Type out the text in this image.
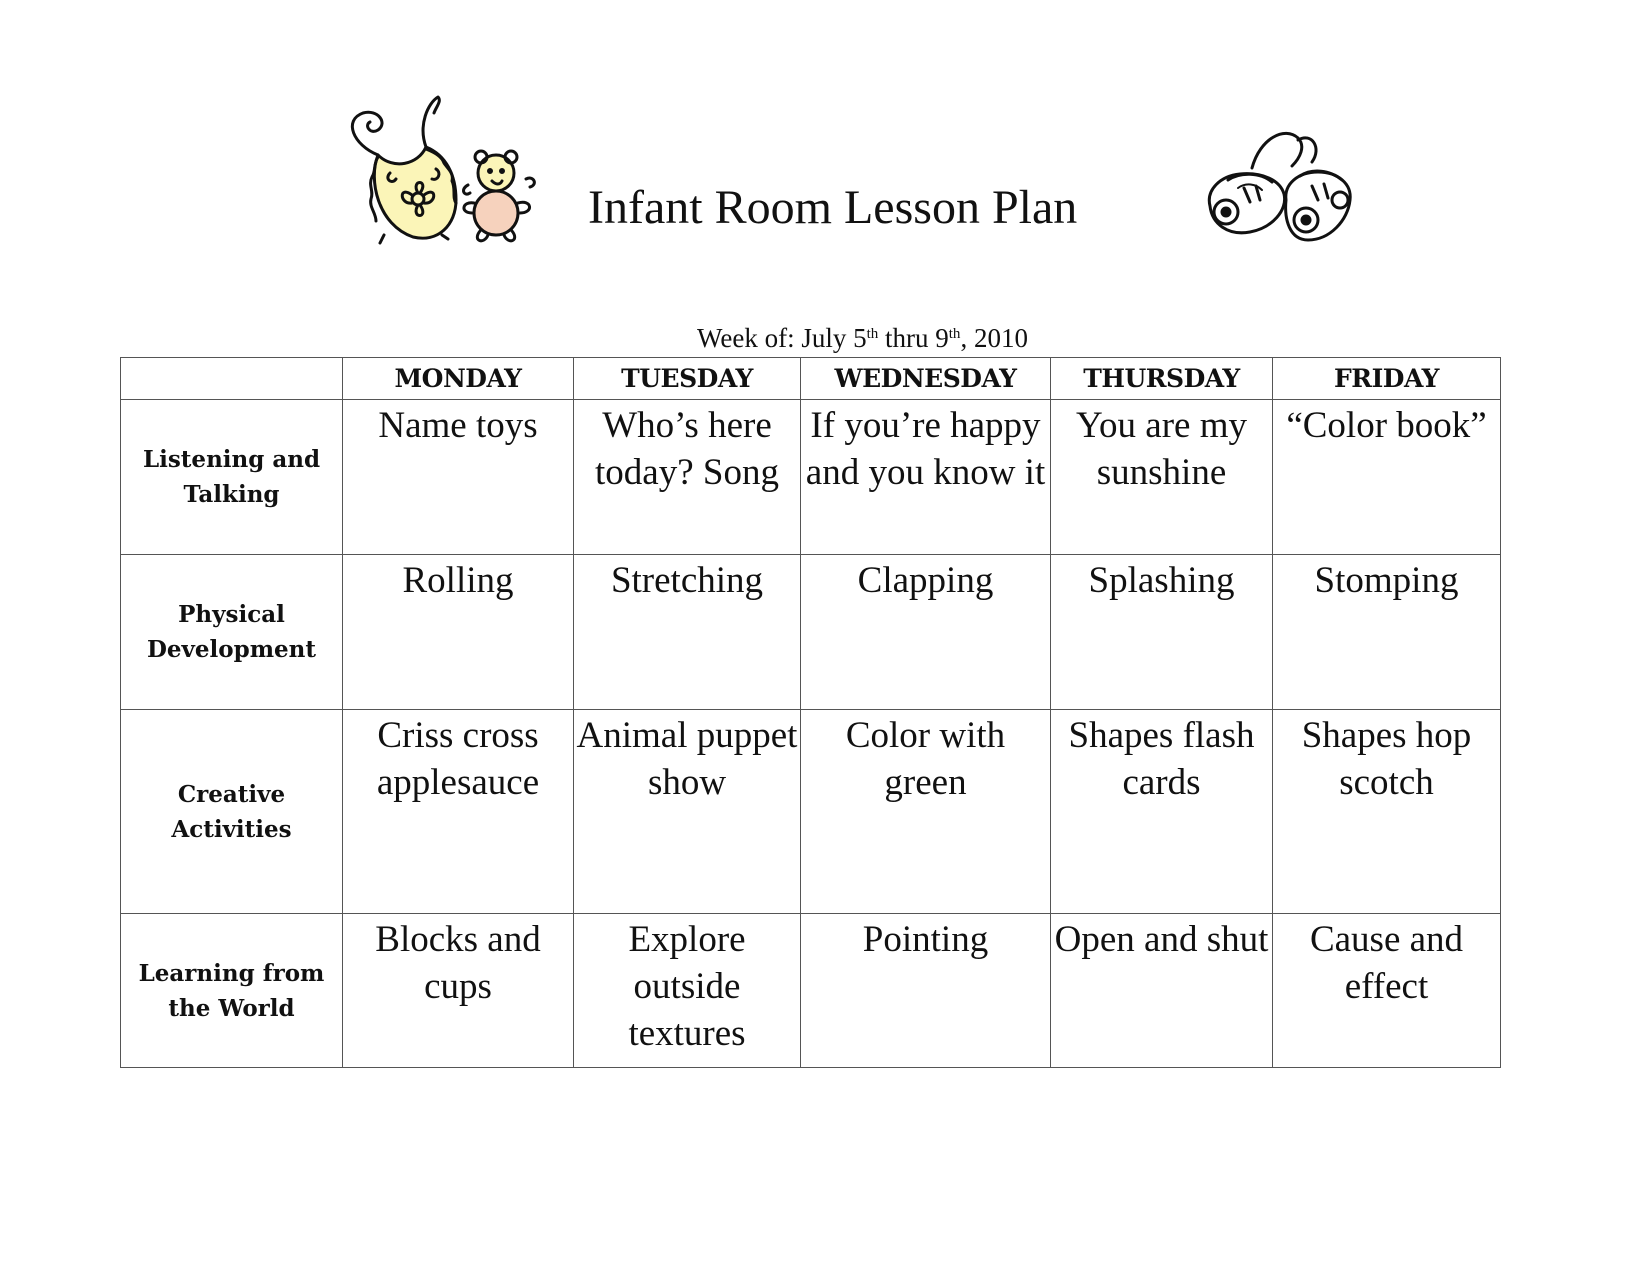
Infant Room Lesson Plan
Week of: July 5th thru 9th, 2010
	MONDAY	TUESDAY	WEDNESDAY	THURSDAY	FRIDAY
Listening and Talking	Name toys	Who’s here today? Song	If you’re happy and you know it	You are my sunshine	“Color book”
Physical Development	Rolling	Stretching	Clapping	Splashing	Stomping
Creative Activities	Criss cross applesauce	Animal puppet show	Color with green	Shapes flash cards	Shapes hop scotch
Learning from the World	Blocks and cups	Explore outside textures	Pointing	Open and shut	Cause and effect
